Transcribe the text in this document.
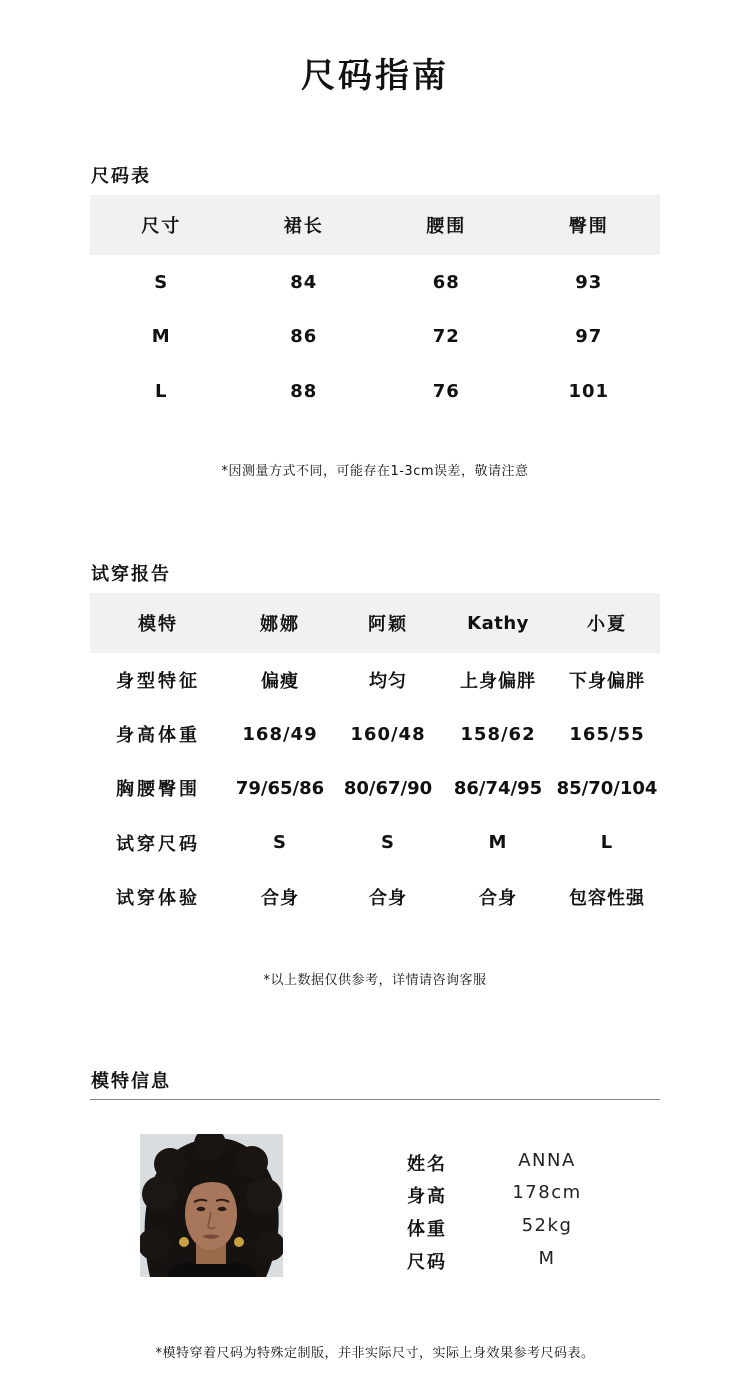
尺码指南
尺码表
尺寸	裙长	腰围	臀围
S	84	68	93
M	86	72	97
L	88	76	101
*因测量方式不同，可能存在1-3cm误差，敬请注意
试穿报告
模特	娜娜	阿颖	Kathy	小夏
身型特征	偏瘦	均匀	上身偏胖	下身偏胖
身高体重	168/49	160/48	158/62	165/55
胸腰臀围	79/65/86	80/67/90	86/74/95	85/70/104
试穿尺码	S	S	M	L
试穿体验	合身	合身	合身	包容性强
*以上数据仅供参考，详情请咨询客服
模特信息
姓名	ANNA
身高	178cm
体重	52kg
尺码	M
*模特穿着尺码为特殊定制版，并非实际尺寸，实际上身效果参考尺码表。
